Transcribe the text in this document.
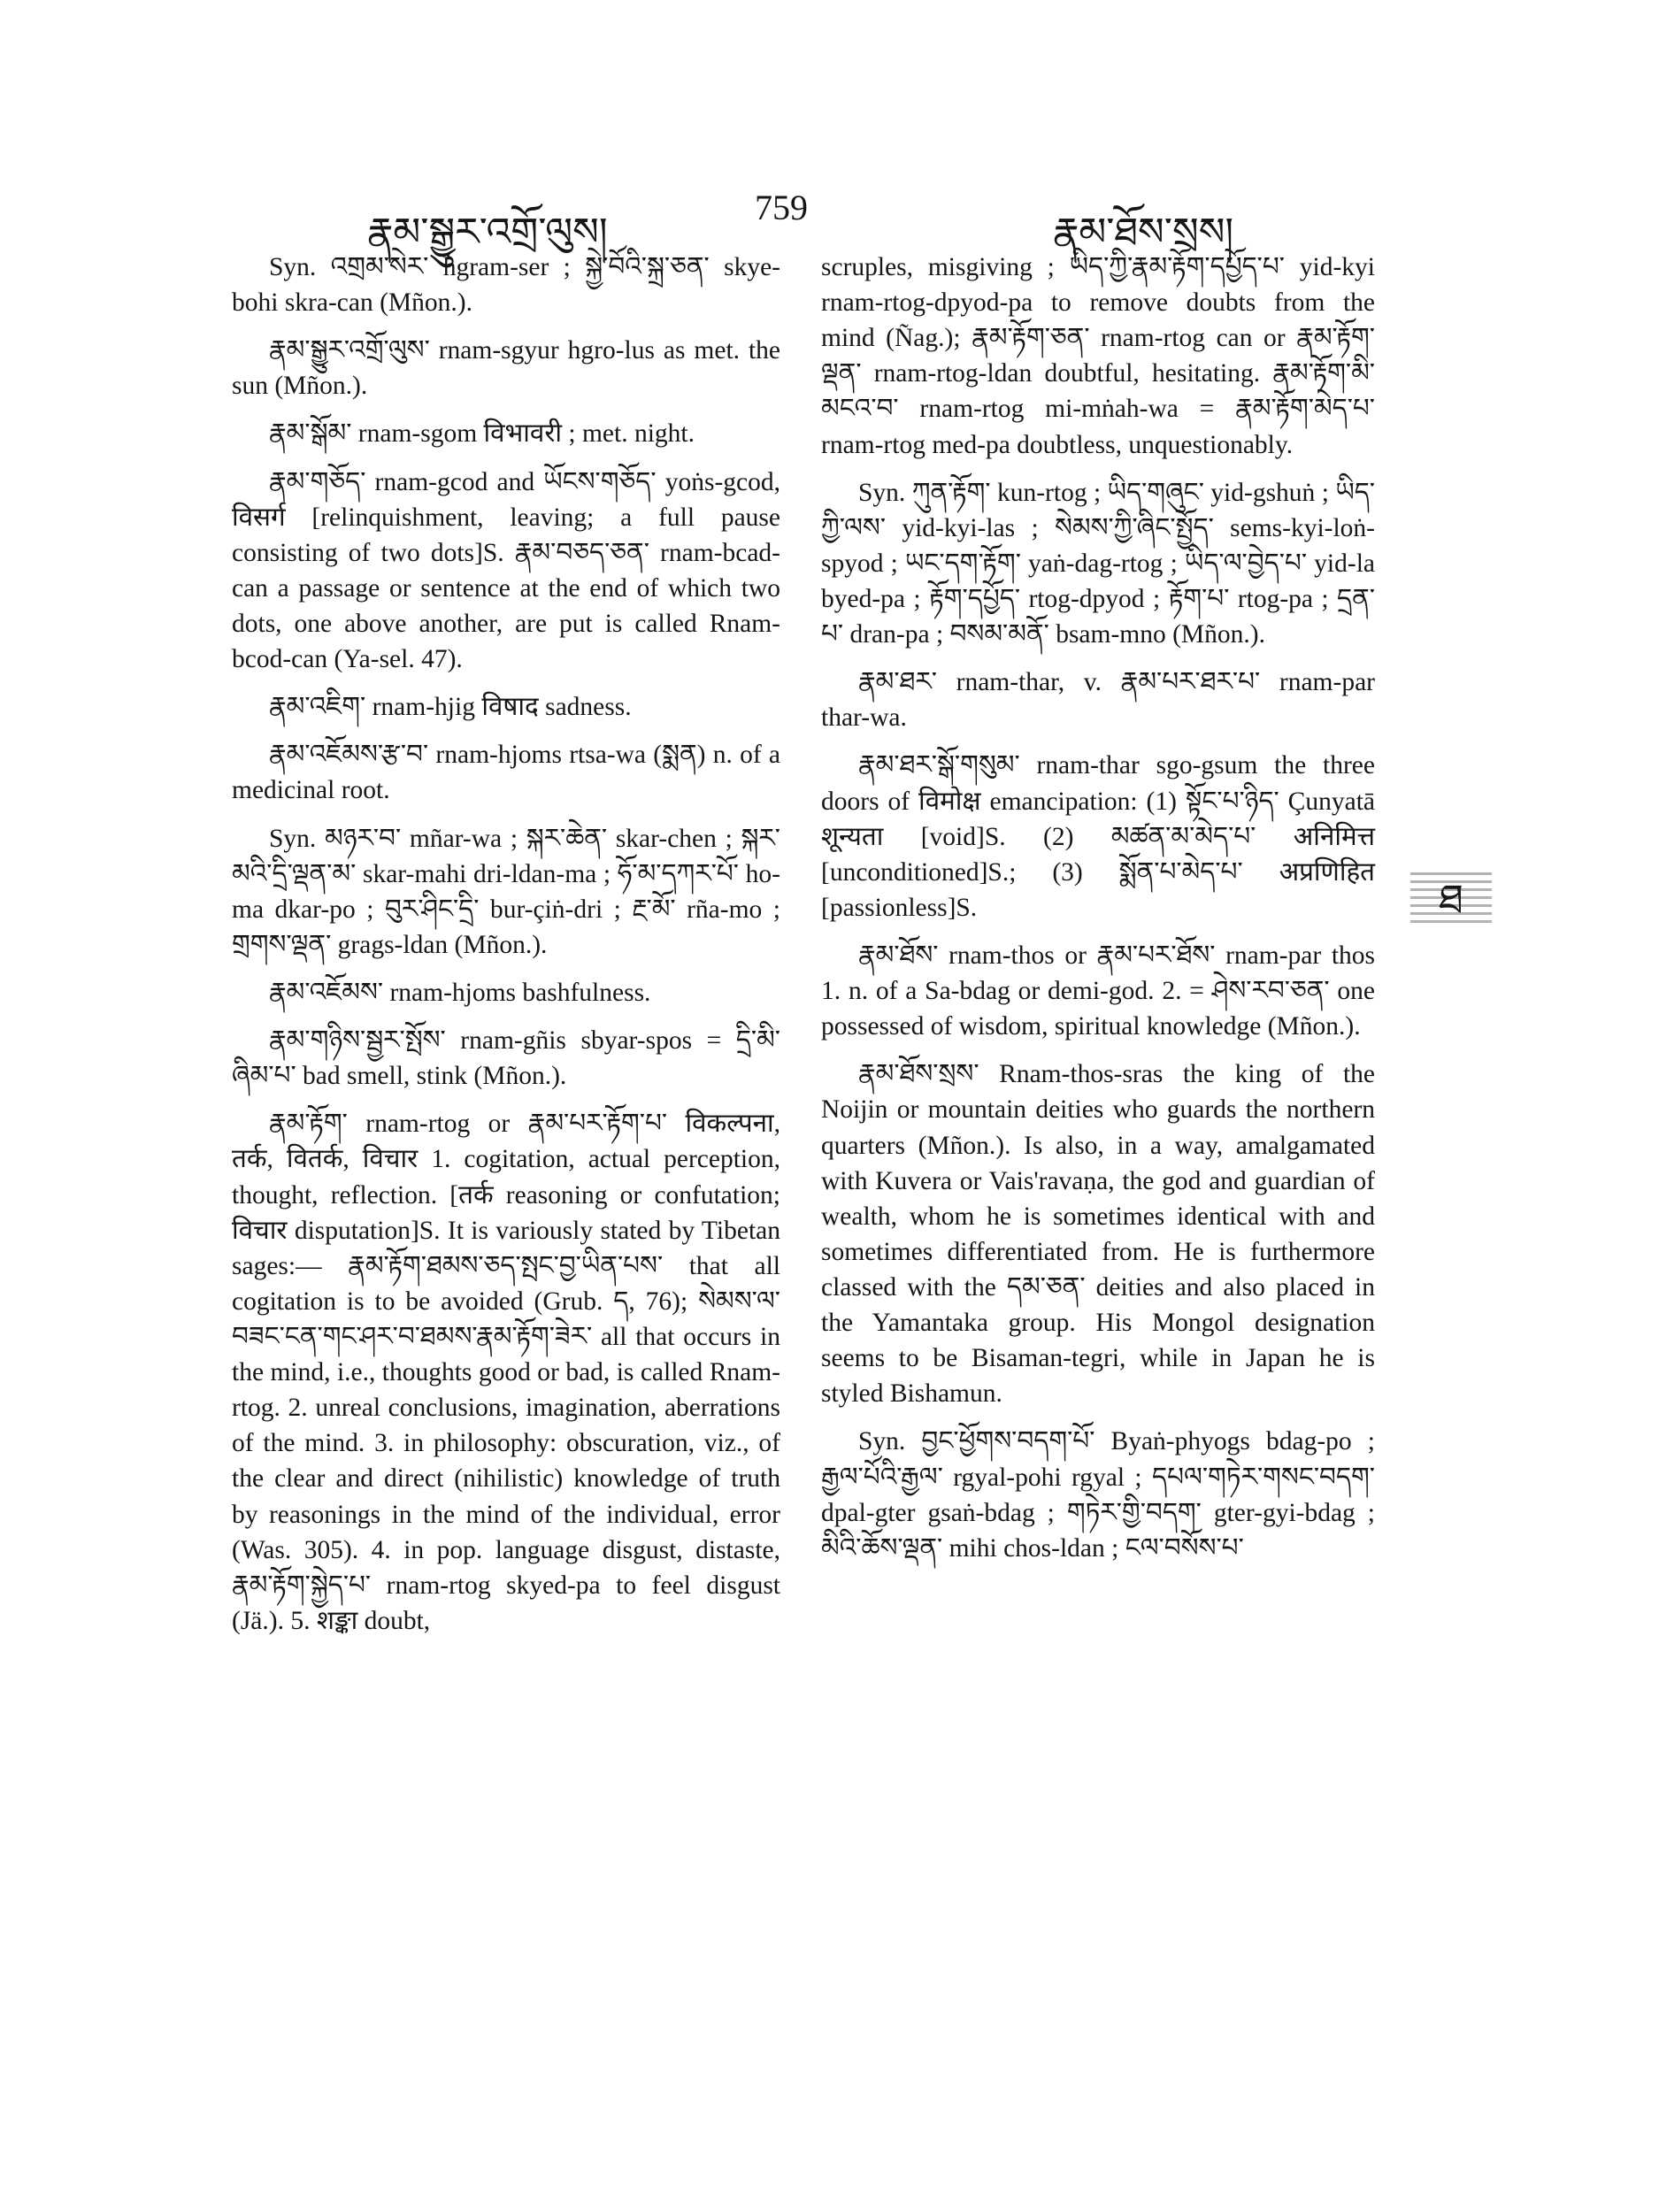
རྣམ་སྒྱུར་འགྲོ་ལུས།
759
རྣམ་ཐོས་སྲས།

Syn. འགྲམ་སེར་ hgram-ser ; སྐྱེ་བོའི་སྐྲ་ཅན་ skye-bohi skra-can (Mñon.).

རྣམ་སྒྱུར་འགྲོ་ལུས་ rnam-sgyur hgro-lus as met. the sun (Mñon.).

རྣམ་སྒོམ་ rnam-sgom विभावरी ; met. night.

རྣམ་གཅོད་ rnam-gcod and ཡོངས་གཅོད་ yoṅs-gcod, विसर्ग [relinquishment, leaving; a full pause consisting of two dots]S. རྣམ་བཅད་ཅན་ rnam-bcad-can a passage or sentence at the end of which two dots, one above another, are put is called Rnam-bcod-can (Ya-sel. 47).

རྣམ་འཇིག་ rnam-hjig विषाद sadness.

རྣམ་འཇོམས་རྩ་བ་ rnam-hjoms rtsa-wa (སྨན) n. of a medicinal root.

Syn. མཉར་བ་ mñar-wa ; སྐར་ཆེན་ skar-chen ; སྐར་མའི་དྲི་ལྡན་མ་ skar-mahi dri-ldan-ma ; ཧོ་མ་དཀར་པོ་ ho-ma dkar-po ; བུར་ཤིང་དྲི་ bur-çiṅ-dri ; རྔ་མོ་ rña-mo ; གྲགས་ལྡན་ grags-ldan (Mñon.).

རྣམ་འཇོམས་ rnam-hjoms bashfulness.

རྣམ་གཉིས་སྦྱར་སྤོས་ rnam-gñis sbyar-spos = དྲི་མི་ཞིམ་པ་ bad smell, stink (Mñon.).

རྣམ་རྟོག་ rnam-rtog or རྣམ་པར་རྟོག་པ་ विकल्पना, तर्क, वितर्क, विचार 1. cogitation, actual perception, thought, reflection. [तर्क reasoning or confutation; विचार disputation]S. It is variously stated by Tibetan sages:— རྣམ་རྟོག་ཐམས་ཅད་སྤང་བྱ་ཡིན་པས་ that all cogitation is to be avoided (Grub. ད, 76); སེམས་ལ་བཟང་ངན་གང་ཤར་བ་ཐམས་རྣམ་རྟོག་ཟེར་ all that occurs in the mind, i.e., thoughts good or bad, is called Rnam-rtog. 2. unreal conclusions, imagination, aberrations of the mind. 3. in philosophy: obscuration, viz., of the clear and direct (nihilistic) knowledge of truth by reasonings in the mind of the individual, error (Was. 305). 4. in pop. language disgust, distaste, རྣམ་རྟོག་སྐྱེད་པ་ rnam-rtog skyed-pa to feel disgust (Jä.). 5. शङ्का doubt,

scruples, misgiving ; ཡིད་ཀྱི་རྣམ་རྟོག་དཔྱོད་པ་ yid-kyi rnam-rtog-dpyod-pa to remove doubts from the mind (Ñag.); རྣམ་རྟོག་ཅན་ rnam-rtog can or རྣམ་རྟོག་ལྡན་ rnam-rtog-ldan doubtful, hesitating. རྣམ་རྟོག་མི་མངའ་བ་ rnam-rtog mi-mṅah-wa = རྣམ་རྟོག་མེད་པ་ rnam-rtog med-pa doubtless, unquestionably.

Syn. ཀུན་རྟོག་ kun-rtog ; ཡིད་གཞུང་ yid-gshuṅ ; ཡིད་ཀྱི་ལས་ yid-kyi-las ; སེམས་ཀྱི་ཞིང་སྤྱོད་ sems-kyi-loṅ-spyod ; ཡང་དག་རྟོག་ yaṅ-dag-rtog ; ཡིད་ལ་བྱེད་པ་ yid-la byed-pa ; རྟོག་དཔྱོད་ rtog-dpyod ; རྟོག་པ་ rtog-pa ; དྲན་པ་ dran-pa ; བསམ་མནོ་ bsam-mno (Mñon.).

རྣམ་ཐར་ rnam-thar, v. རྣམ་པར་ཐར་པ་ rnam-par thar-wa.

རྣམ་ཐར་སྒོ་གསུམ་ rnam-thar sgo-gsum the three doors of विमोक्ष emancipation: (1) སྟོང་པ་ཉིད་ Çunyatā शून्यता [void]S. (2) མཚན་མ་མེད་པ་ अनिमित्त [unconditioned]S.; (3) སྨོན་པ་མེད་པ་ अप्रणिहित [passionless]S.

རྣམ་ཐོས་ rnam-thos or རྣམ་པར་ཐོས་ rnam-par thos 1. n. of a Sa-bdag or demi-god. 2. = ཤེས་རབ་ཅན་ one possessed of wisdom, spiritual knowledge (Mñon.).

རྣམ་ཐོས་སྲས་ Rnam-thos-sras the king of the Noijin or mountain deities who guards the northern quarters (Mñon.). Is also, in a way, amalgamated with Kuvera or Vais'ravaṇa, the god and guardian of wealth, whom he is sometimes identical with and sometimes differentiated from. He is furthermore classed with the དམ་ཅན་ deities and also placed in the Yamantaka group. His Mongol designation seems to be Bisaman-tegri, while in Japan he is styled Bishamun.

Syn. བྱང་ཕྱོགས་བདག་པོ་ Byaṅ-phyogs bdag-po ; རྒྱལ་པོའི་རྒྱལ་ rgyal-pohi rgyal ; དཔལ་གཏེར་གསང་བདག་ dpal-gter gsaṅ-bdag ; གཏེར་གྱི་བདག་ gter-gyi-bdag ; མིའི་ཆོས་ལྡན་ mihi chos-ldan ; ངལ་བསོས་པ་

ཐ
